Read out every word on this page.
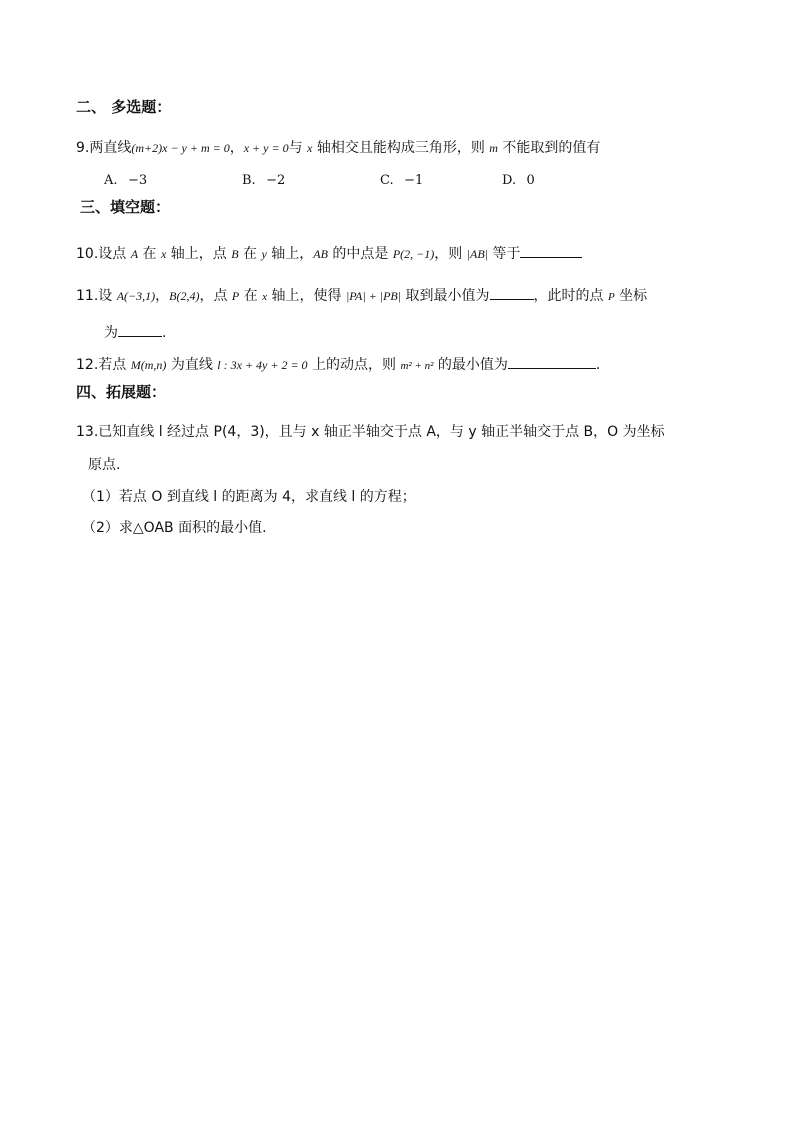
二、 多选题：
9.两直线(m+2)x − y + m = 0，x + y = 0与 x 轴相交且能构成三角形，则 m 不能取到的值有
A. −3	B. −2	C. −1	D. 0
三、填空题：
10.设点 A 在 x 轴上，点 B 在 y 轴上，AB 的中点是 P(2, −1)，则 |AB| 等于
11.设 A(−3,1)，B(2,4)，点 P 在 x 轴上，使得 |PA| + |PB| 取到最小值为	，此时的点 P 坐标
为	.
12.若点 M(m,n) 为直线 l : 3x + 4y + 2 = 0 上的动点，则 m² + n² 的最小值为	.
四、拓展题：
13.已知直线 l 经过点 P(4，3)，且与 x 轴正半轴交于点 A，与 y 轴正半轴交于点 B，O 为坐标
原点.
（1）若点 O 到直线 l 的距离为 4，求直线 l 的方程；
（2）求△OAB 面积的最小值.
